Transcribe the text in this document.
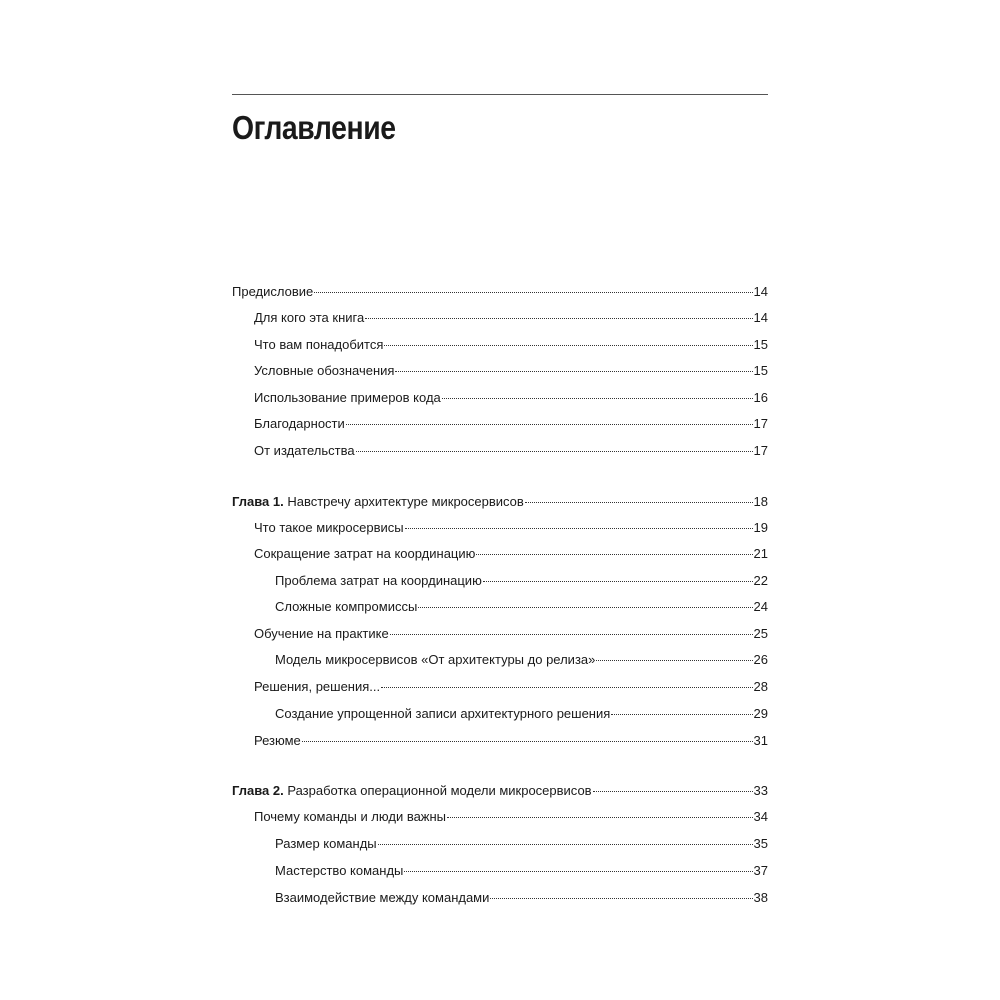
Оглавление
Предисловие	14
Для кого эта книга	14
Что вам понадобится	15
Условные обозначения	15
Использование примеров кода	16
Благодарности	17
От издательства	17
Глава 1. Навстречу архитектуре микросервисов	18
Что такое микросервисы	19
Сокращение затрат на координацию	21
Проблема затрат на координацию	22
Сложные компромиссы	24
Обучение на практике	25
Модель микросервисов «От архитектуры до релиза»	26
Решения, решения...	28
Создание упрощенной записи архитектурного решения	29
Резюме	31
Глава 2. Разработка операционной модели микросервисов	33
Почему команды и люди важны	34
Размер команды	35
Мастерство команды	37
Взаимодействие между командами	38
